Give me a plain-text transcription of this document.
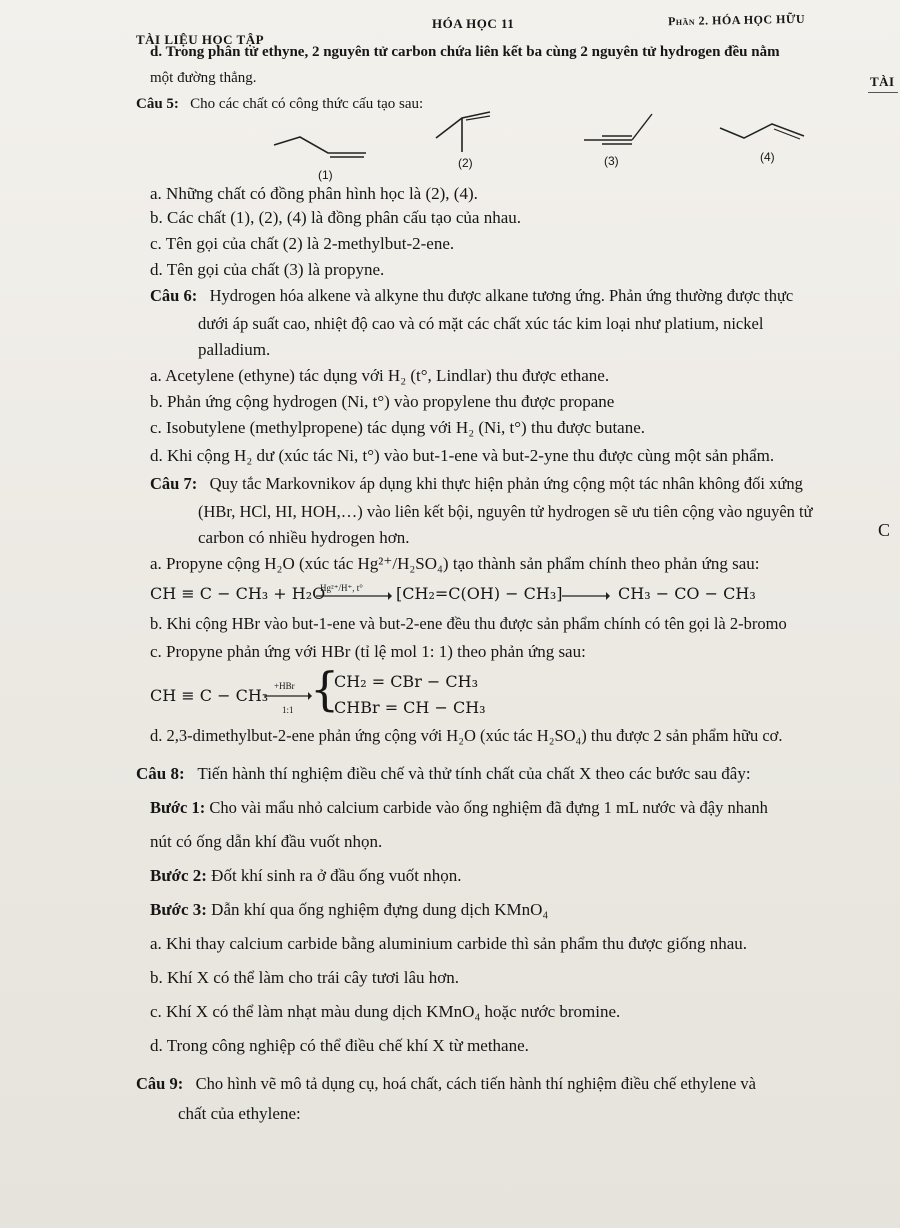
TÀI LIỆU HỌC TẬP
HÓA HỌC 11	Phần 2. HÓA HỌC HỮU
TÀI
C
d. Trong phân tử ethyne, 2 nguyên tử carbon chứa liên kết ba cùng 2 nguyên tử hydrogen đều nằm
một đường thẳng.
Câu 5: Cho các chất có công thức cấu tạo sau:
(1)
(2)	(3)	(4)
a. Những chất có đồng phân hình học là (2), (4).
b. Các chất (1), (2), (4) là đồng phân cấu tạo của nhau.
c. Tên gọi của chất (2) là 2-methylbut-2-ene.
d. Tên gọi của chất (3) là propyne.
Câu 6: Hydrogen hóa alkene và alkyne thu được alkane tương ứng. Phản ứng thường được thực
dưới áp suất cao, nhiệt độ cao và có mặt các chất xúc tác kim loại như platium, nickel
palladium.
a. Acetylene (ethyne) tác dụng với H₂ (t°, Lindlar) thu được ethane.
b. Phản ứng cộng hydrogen (Ni, t°) vào propylene thu được propane
c. Isobutylene (methylpropene) tác dụng với H₂ (Ni, t°) thu được butane.
d. Khi cộng H₂ dư (xúc tác Ni, t°) vào but-1-ene và but-2-yne thu được cùng một sản phẩm.
Câu 7: Quy tắc Markovnikov áp dụng khi thực hiện phản ứng cộng một tác nhân không đối xứng
(HBr, HCl, HI, HOH,…) vào liên kết bội, nguyên tử hydrogen sẽ ưu tiên cộng vào nguyên tử
carbon có nhiều hydrogen hơn.
a. Propyne cộng H₂O (xúc tác Hg²⁺/H₂SO₄) tạo thành sản phẩm chính theo phản ứng sau:
CH ≡ C − CH₃ + H₂O
Hg²⁺/H⁺, t° [CH₂=C(OH) − CH₃]	CH₃ − CO − CH₃
b. Khi cộng HBr vào but-1-ene và but-2-ene đều thu được sản phẩm chính có tên gọi là 2-bromo
c. Propyne phản ứng với HBr (tỉ lệ mol 1: 1) theo phản ứng sau:
CH ≡ C − CH₃ +HBr
1:1 {
CH₂ = CBr − CH₃
CHBr = CH − CH₃
d. 2,3-dimethylbut-2-ene phản ứng cộng với H₂O (xúc tác H₂SO₄) thu được 2 sản phẩm hữu cơ.
Câu 8: Tiến hành thí nghiệm điều chế và thử tính chất của chất X theo các bước sau đây:
Bước 1: Cho vài mẩu nhỏ calcium carbide vào ống nghiệm đã đựng 1 mL nước và đậy nhanh
nút có ống dẫn khí đầu vuốt nhọn.
Bước 2: Đốt khí sinh ra ở đầu ống vuốt nhọn.
Bước 3: Dẫn khí qua ống nghiệm đựng dung dịch KMnO₄
a. Khi thay calcium carbide bằng aluminium carbide thì sản phẩm thu được giống nhau.
b. Khí X có thể làm cho trái cây tươi lâu hơn.
c. Khí X có thể làm nhạt màu dung dịch KMnO₄ hoặc nước bromine.
d. Trong công nghiệp có thể điều chế khí X từ methane.
Câu 9: Cho hình vẽ mô tả dụng cụ, hoá chất, cách tiến hành thí nghiệm điều chế ethylene và
chất của ethylene:
